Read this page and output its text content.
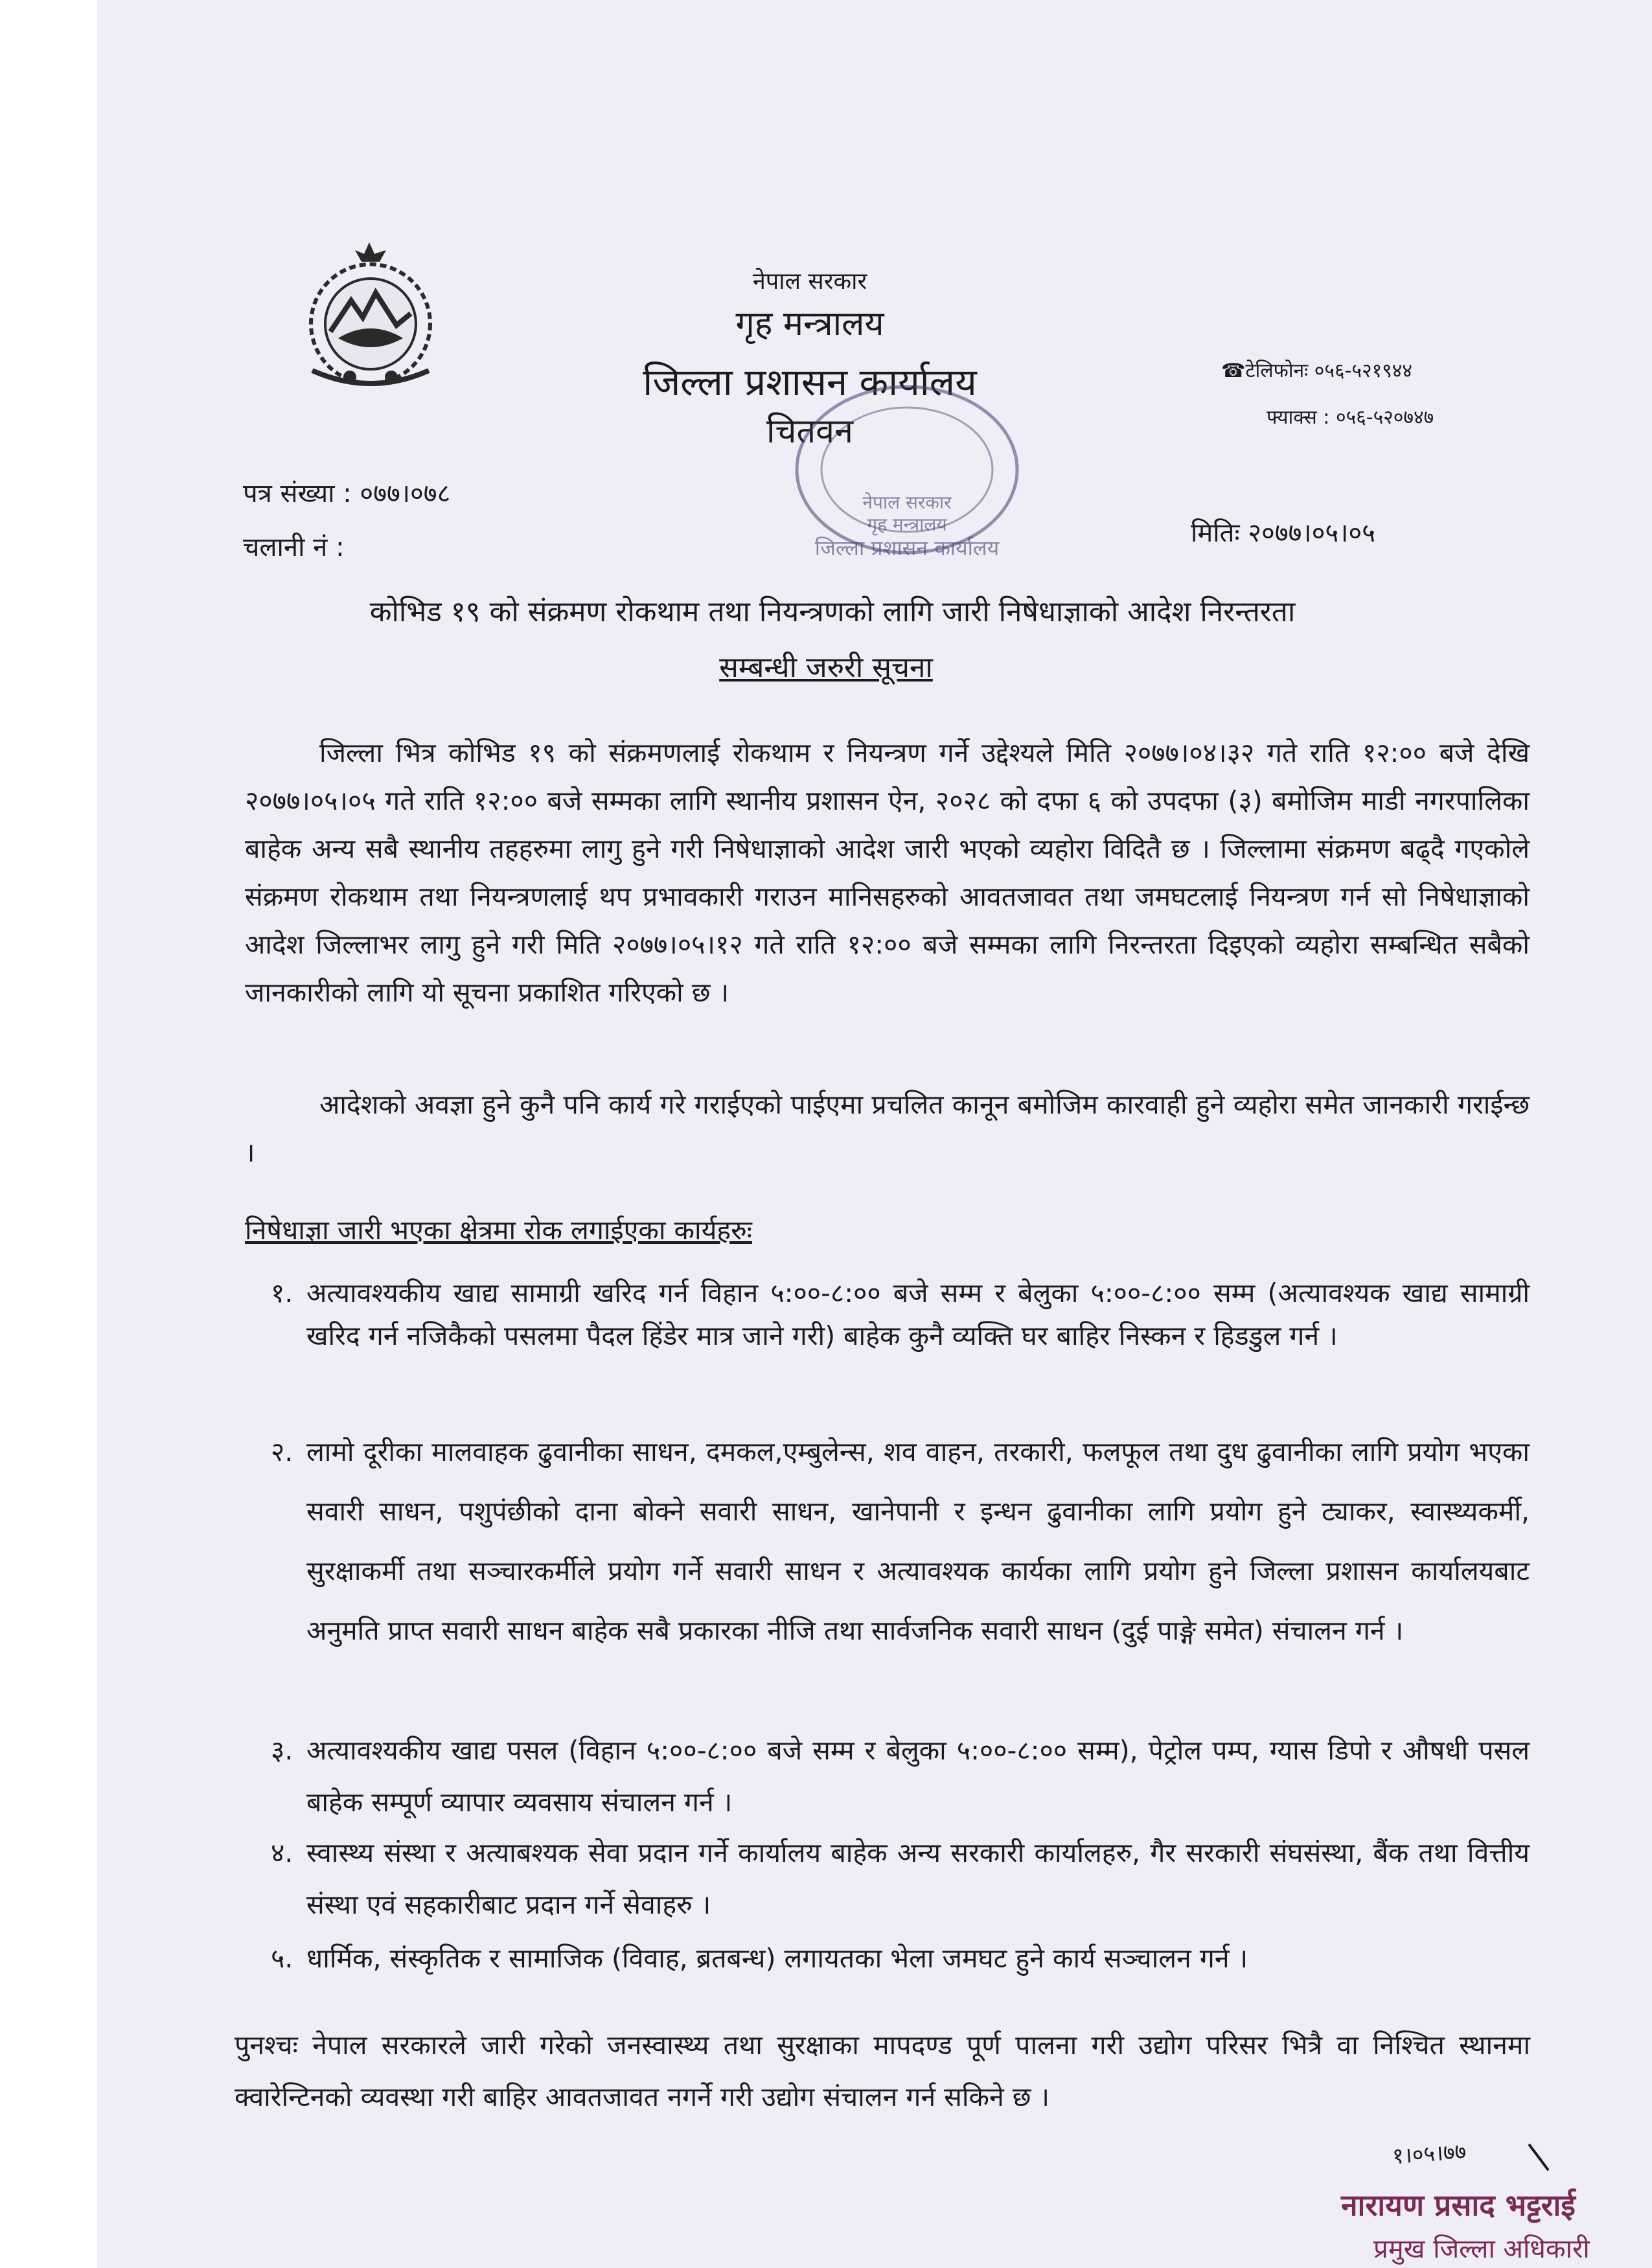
नेपाल सरकार
गृह मन्त्रालय
जिल्ला प्रशासन कार्यालय
चितवन
☎टेलिफोनः ०५६-५२१९४४
फ्याक्स : ०५६-५२०७४७
नेपाल सरकार
गृह मन्त्रालय
जिल्ला प्रशासन कार्यालय
पत्र संख्या : ०७७।०७८
चलानी नं :	मितिः २०७७।०५।०५
कोभिड १९ को संक्रमण रोकथाम तथा नियन्त्रणको लागि जारी निषेधाज्ञाको आदेश निरन्तरता
सम्बन्धी जरुरी सूचना

जिल्ला भित्र कोभिड १९ को संक्रमणलाई रोकथाम र नियन्त्रण गर्ने उद्देश्यले मिति २०७७।०४।३२ गते राति १२:०० बजे देखि २०७७।०५।०५ गते राति १२:०० बजे सम्मका लागि स्थानीय प्रशासन ऐन, २०२८ को दफा ६ को उपदफा (३) बमोजिम माडी नगरपालिका बाहेक अन्य सबै स्थानीय तहहरुमा लागु हुने गरी निषेधाज्ञाको आदेश जारी भएको व्यहोरा विदितै छ । जिल्लामा संक्रमण बढ्दै गएकोले संक्रमण रोकथाम तथा नियन्त्रणलाई थप प्रभावकारी गराउन मानिसहरुको आवतजावत तथा जमघटलाई नियन्त्रण गर्न सो निषेधाज्ञाको आदेश जिल्लाभर लागु हुने गरी मिति २०७७।०५।१२ गते राति १२:०० बजे सम्मका लागि निरन्तरता दिइएको व्यहोरा सम्बन्धित सबैको जानकारीको लागि यो सूचना प्रकाशित गरिएको छ ।

आदेशको अवज्ञा हुने कुनै पनि कार्य गरे गराईएको पाईएमा प्रचलित कानून बमोजिम कारवाही हुने व्यहोरा समेत जानकारी गराईन्छ ।

निषेधाज्ञा जारी भएका क्षेत्रमा रोक लगाईएका कार्यहरुः

१. अत्यावश्यकीय खाद्य सामाग्री खरिद गर्न विहान ५:००-८:०० बजे सम्म र बेलुका ५:००-८:०० सम्म (अत्यावश्यक खाद्य सामाग्री खरिद गर्न नजिकैको पसलमा पैदल हिंडेर मात्र जाने गरी) बाहेक कुनै व्यक्ति घर बाहिर निस्कन र हिडडुल गर्न ।

२. लामो दूरीका मालवाहक ढुवानीका साधन, दमकल,एम्बुलेन्स, शव वाहन, तरकारी, फलफूल तथा दुध ढुवानीका लागि प्रयोग भएका सवारी साधन, पशुपंछीको दाना बोक्ने सवारी साधन, खानेपानी र इन्धन ढुवानीका लागि प्रयोग हुने ट्याकर, स्वास्थ्यकर्मी, सुरक्षाकर्मी तथा सञ्चारकर्मीले प्रयोग गर्ने सवारी साधन र अत्यावश्यक कार्यका लागि प्रयोग हुने जिल्ला प्रशासन कार्यालयबाट अनुमति प्राप्त सवारी साधन बाहेक सबै प्रकारका नीजि तथा सार्वजनिक सवारी साधन (दुई पाङ्गे समेत) संचालन गर्न ।

३. अत्यावश्यकीय खाद्य पसल (विहान ५:००-८:०० बजे सम्म र बेलुका ५:००-८:०० सम्म), पेट्रोल पम्प, ग्यास डिपो र औषधी पसल बाहेक सम्पूर्ण व्यापार व्यवसाय संचालन गर्न ।

४. स्वास्थ्य संस्था र अत्याबश्यक सेवा प्रदान गर्ने कार्यालय बाहेक अन्य सरकारी कार्यालहरु, गैर सरकारी संघसंस्था, बैंक तथा वित्तीय संस्था एवं सहकारीबाट प्रदान गर्ने सेवाहरु ।

५. धार्मिक, संस्कृतिक र सामाजिक (विवाह, ब्रतबन्ध) लगायतका भेला जमघट हुने कार्य सञ्चालन गर्न ।

पुनश्चः नेपाल सरकारले जारी गरेको जनस्वास्थ्य तथा सुरक्षाका मापदण्ड पूर्ण पालना गरी उद्योग परिसर भित्रै वा निश्चित स्थानमा क्वारेन्टिनको व्यवस्था गरी बाहिर आवतजावत नगर्ने गरी उद्योग संचालन गर्न सकिने छ ।

१।०५।७७
नारायण प्रसाद भट्टराई
प्रमुख जिल्ला अधिकारी
